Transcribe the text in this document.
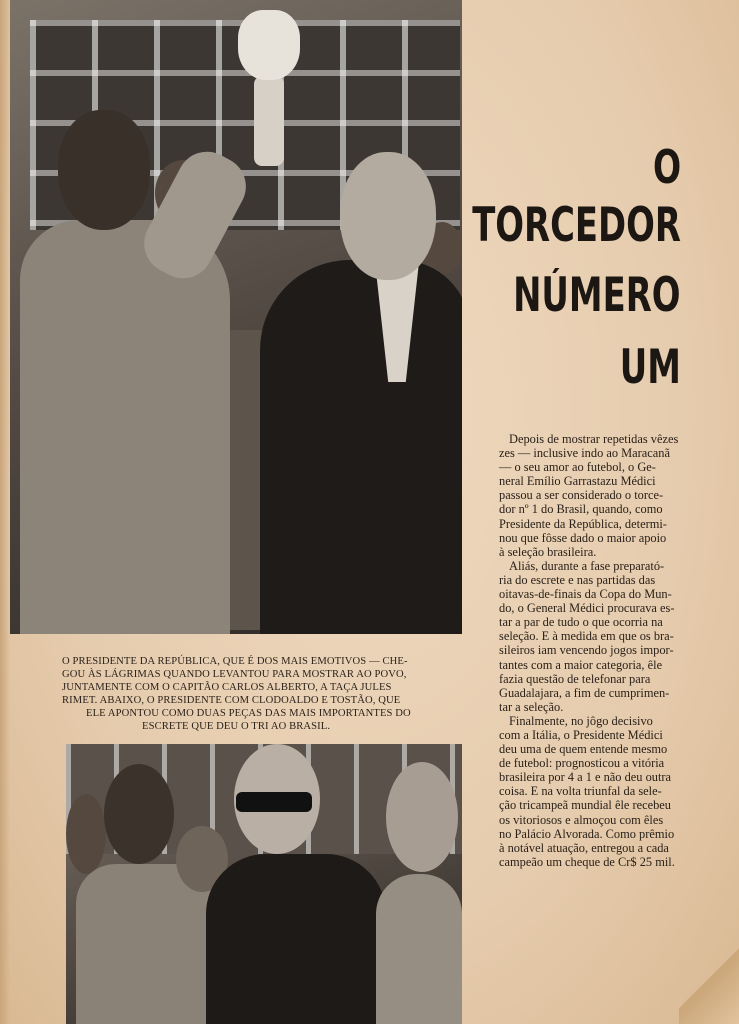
O PRESIDENTE DA REPÚBLICA, QUE É DOS MAIS EMOTIVOS — CHE-
GOU ÀS LÁGRIMAS QUANDO LEVANTOU PARA MOSTRAR AO POVO,
JUNTAMENTE COM O CAPITÃO CARLOS ALBERTO, A TAÇA JULES
RIMET. ABAIXO, O PRESIDENTE COM CLODOALDO E TOSTÃO, QUE
ELE APONTOU COMO DUAS PEÇAS DAS MAIS IMPORTANTES DO
ESCRETE QUE DEU O TRI AO BRASIL.
O
TORCEDOR
NÚMERO
UM
Depois de mostrar repetidas vêzes
zes — inclusive indo ao Maracanã
— o seu amor ao futebol, o Ge-
neral Emílio Garrastazu Médici
passou a ser considerado o torce-
dor nº 1 do Brasil, quando, como
Presidente da República, determi-
nou que fôsse dado o maior apoio
à seleção brasileira.
Aliás, durante a fase preparató-
ria do escrete e nas partidas das
oitavas-de-finais da Copa do Mun-
do, o General Médici procurava es-
tar a par de tudo o que ocorria na
seleção. E à medida em que os bra-
sileiros iam vencendo jogos impor-
tantes com a maior categoria, êle
fazia questão de telefonar para
Guadalajara, a fim de cumprimen-
tar a seleção.
Finalmente, no jôgo decisivo
com a Itália, o Presidente Médici
deu uma de quem entende mesmo
de futebol: prognosticou a vitória
brasileira por 4 a 1 e não deu outra
coisa. E na volta triunfal da sele-
ção tricampeã mundial êle recebeu
os vitoriosos e almoçou com êles
no Palácio Alvorada. Como prêmio
à notável atuação, entregou a cada
campeão um cheque de Cr$ 25 mil.
